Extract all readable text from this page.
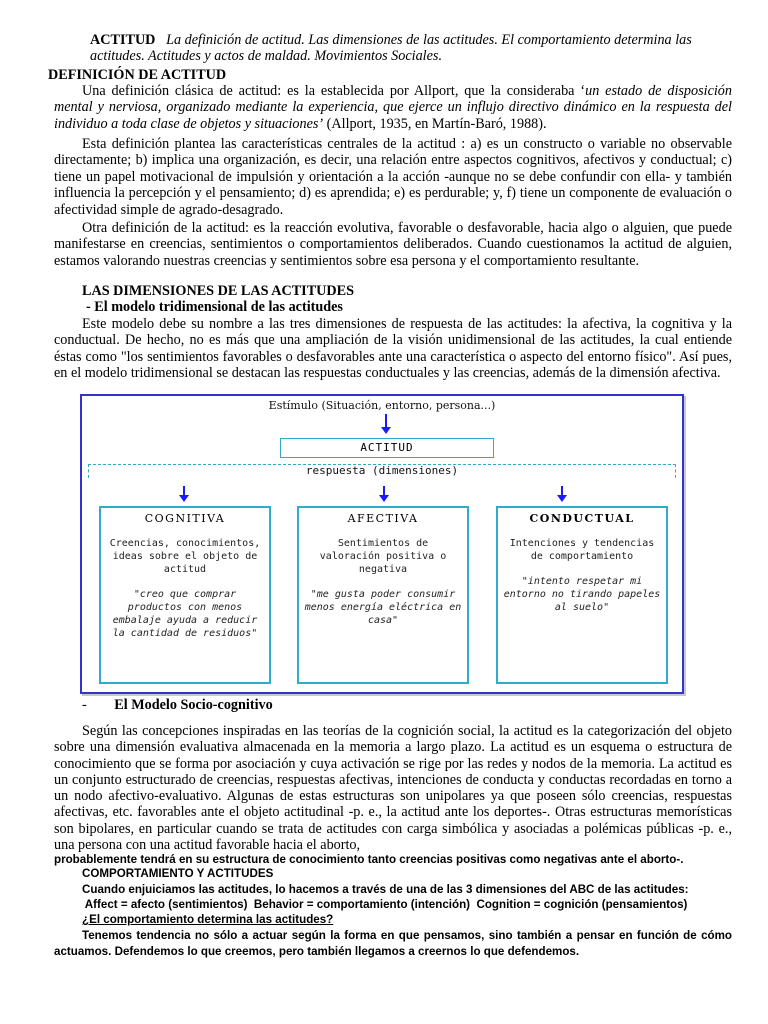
ACTITUD La definición de actitud. Las dimensiones de las actitudes. El comportamiento determina las actitudes. Actitudes y actos de maldad. Movimientos Sociales.
DEFINICIÓN DE ACTITUD
Una definición clásica de actitud: es la establecida por Allport, que la consideraba ‘un estado de disposición mental y nerviosa, organizado mediante la experiencia, que ejerce un influjo directivo dinámico en la respuesta del individuo a toda clase de objetos y situaciones’ (Allport, 1935, en Martín-Baró, 1988).
Esta definición plantea las características centrales de la actitud : a) es un constructo o variable no observable directamente; b) implica una organización, es decir, una relación entre aspectos cognitivos, afectivos y conductual; c) tiene un papel motivacional de impulsión y orientación a la acción -aunque no se debe confundir con ella- y también influencia la percepción y el pensamiento; d) es aprendida; e) es perdurable; y, f) tiene un componente de evaluación o afectividad simple de agrado-desagrado.
Otra definición de la actitud: es la reacción evolutiva, favorable o desfavorable, hacia algo o alguien, que puede manifestarse en creencias, sentimientos o comportamientos deliberados. Cuando cuestionamos la actitud de alguien, estamos valorando nuestras creencias y sentimientos sobre esa persona y el comportamiento resultante.
LAS DIMENSIONES DE LAS ACTITUDES
- El modelo tridimensional de las actitudes
Este modelo debe su nombre a las tres dimensiones de respuesta de las actitudes: la afectiva, la cognitiva y la conductual. De hecho, no es más que una ampliación de la visión unidimensional de las actitudes, la cual entiende éstas como "los sentimientos favorables o desfavorables ante una característica o aspecto del entorno físico". Así pues, en el modelo tridimensional se destacan las respuestas conductuales y las creencias, además de la dimensión afectiva.
Estímulo (Situación, entorno, persona...)
ACTITUD
respuesta (dimensiones)
COGNITIVA
Creencias, conocimientos, ideas sobre el objeto de actitud
"creo que comprar productos con menos embalaje ayuda a reducir la cantidad de residuos"
AFECTIVA
Sentimientos de valoración positiva o negativa
"me gusta poder consumir menos energía eléctrica en casa"
CONDUCTUAL
Intenciones y tendencias de comportamiento
"intento respetar mi entorno no tirando papeles al suelo"
- El Modelo Socio-cognitivo
Según las concepciones inspiradas en las teorías de la cognición social, la actitud es la categorización del objeto sobre una dimensión evaluativa almacenada en la memoria a largo plazo. La actitud es un esquema o estructura de conocimiento que se forma por asociación y cuya activación se rige por las redes y nodos de la memoria. La actitud es un conjunto estructurado de creencias, respuestas afectivas, intenciones de conducta y conductas recordadas en torno a un nodo afectivo-evaluativo. Algunas de estas estructuras son unipolares ya que poseen sólo creencias, respuestas afectivas, etc. favorables ante el objeto actitudinal -p. e., la actitud ante los deportes-. Otras estructuras memorísticas son bipolares, en particular cuando se trata de actitudes con carga simbólica y asociadas a polémicas públicas -p. e., una persona con una actitud favorable hacia el aborto,
probablemente tendrá en su estructura de conocimiento tanto creencias positivas como negativas ante el aborto-.
COMPORTAMIENTO Y ACTITUDES
Cuando enjuiciamos las actitudes, lo hacemos a través de una de las 3 dimensiones del ABC de las actitudes:
Affect = afecto (sentimientos)  Behavior = comportamiento (intención)  Cognition = cognición (pensamientos)
¿El comportamiento determina las actitudes?
Tenemos tendencia no sólo a actuar según la forma en que pensamos, sino también a pensar en función de cómo actuamos. Defendemos lo que creemos, pero también llegamos a creernos lo que defendemos.
